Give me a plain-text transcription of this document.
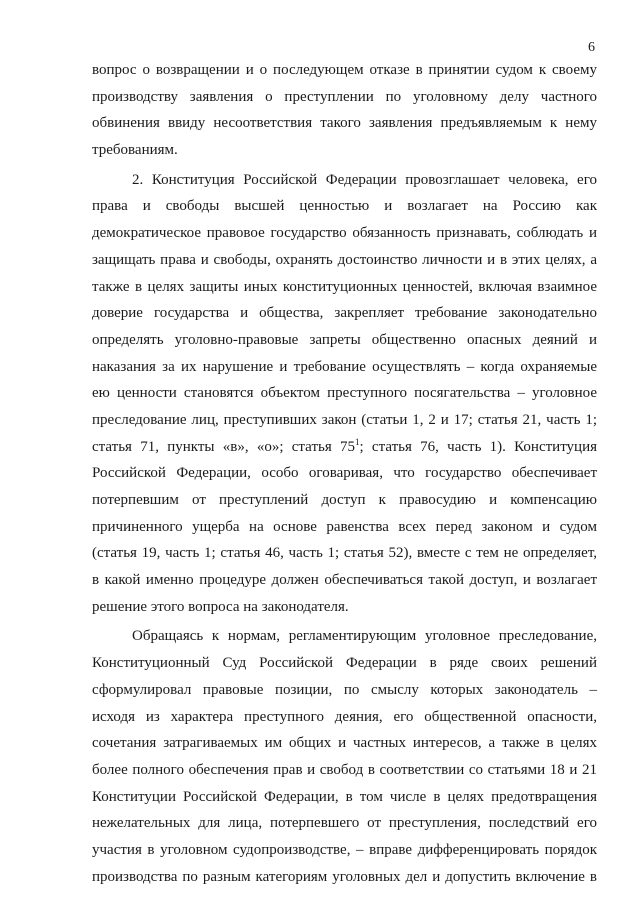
6
вопрос о возвращении и о последующем отказе в принятии судом к своему
производству заявления о преступлении по уголовному делу частного
обвинения ввиду несоответствия такого заявления предъявляемым к нему
требованиям.
2. Конституция Российской Федерации провозглашает человека, его
права и свободы высшей ценностью и возлагает на Россию как
демократическое правовое государство обязанность признавать, соблюдать и
защищать права и свободы, охранять достоинство личности и в этих целях, а
также в целях защиты иных конституционных ценностей, включая взаимное
доверие государства и общества, закрепляет требование законодательно
определять уголовно-правовые запреты общественно опасных деяний и
наказания за их нарушение и требование осуществлять – когда охраняемые
ею ценности становятся объектом преступного посягательства – уголовное
преследование лиц, преступивших закон (статьи 1, 2 и 17; статья 21, часть 1;
статья 71, пункты «в», «о»; статья $75^1$; статья 76, часть 1). Конституция
Российской Федерации, особо оговаривая, что государство обеспечивает
потерпевшим от преступлений доступ к правосудию и компенсацию
причиненного ущерба на основе равенства всех перед законом и судом
(статья 19, часть 1; статья 46, часть 1; статья 52), вместе с тем не определяет,
в какой именно процедуре должен обеспечиваться такой доступ, и возлагает
решение этого вопроса на законодателя.
Обращаясь к нормам, регламентирующим уголовное преследование,
Конституционный Суд Российской Федерации в ряде своих решений
сформулировал правовые позиции, по смыслу которых законодатель –
исходя из характера преступного деяния, его общественной опасности,
сочетания затрагиваемых им общих и частных интересов, а также в целях
более полного обеспечения прав и свобод в соответствии со статьями 18 и 21
Конституции Российской Федерации, в том числе в целях предотвращения
нежелательных для лица, потерпевшего от преступления, последствий его
участия в уголовном судопроизводстве, – вправе дифференцировать порядок
производства по разным категориям уголовных дел и допустить включение в
